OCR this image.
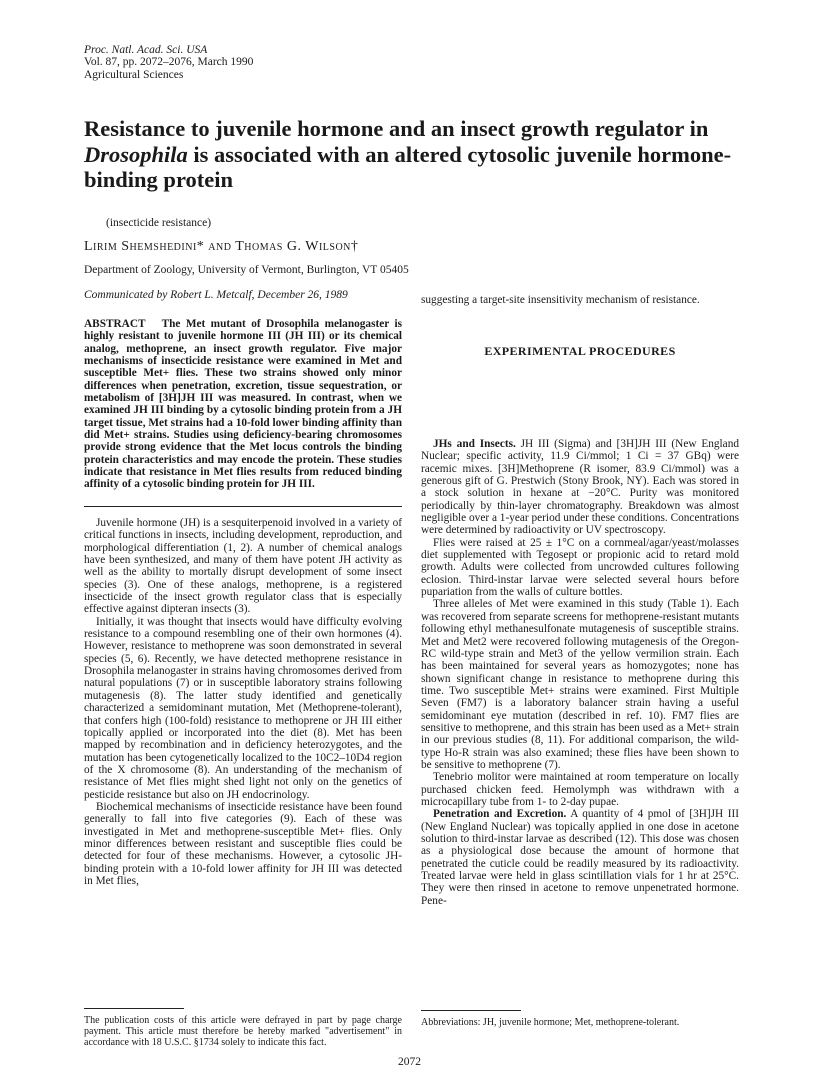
Proc. Natl. Acad. Sci. USA
Vol. 87, pp. 2072–2076, March 1990
Agricultural Sciences
Resistance to juvenile hormone and an insect growth regulator in Drosophila is associated with an altered cytosolic juvenile hormone-binding protein
(insecticide resistance)
Lirim Shemshedini* and Thomas G. Wilson†
Department of Zoology, University of Vermont, Burlington, VT 05405
Communicated by Robert L. Metcalf, December 26, 1989
ABSTRACT The Met mutant of Drosophila melanogaster is highly resistant to juvenile hormone III (JH III) or its chemical analog, methoprene, an insect growth regulator. Five major mechanisms of insecticide resistance were examined in Met and susceptible Met+ flies. These two strains showed only minor differences when penetration, excretion, tissue sequestration, or metabolism of [3H]JH III was measured. In contrast, when we examined JH III binding by a cytosolic binding protein from a JH target tissue, Met strains had a 10-fold lower binding affinity than did Met+ strains. Studies using deficiency-bearing chromosomes provide strong evidence that the Met locus controls the binding protein characteristics and may encode the protein. These studies indicate that resistance in Met flies results from reduced binding affinity of a cytosolic binding protein for JH III.

Juvenile hormone (JH) is a sesquiterpenoid involved in a variety of critical functions in insects, including development, reproduction, and morphological differentiation (1, 2). A number of chemical analogs have been synthesized, and many of them have potent JH activity as well as the ability to mortally disrupt development of some insect species (3). One of these analogs, methoprene, is a registered insecticide of the insect growth regulator class that is especially effective against dipteran insects (3).

Initially, it was thought that insects would have difficulty evolving resistance to a compound resembling one of their own hormones (4). However, resistance to methoprene was soon demonstrated in several species (5, 6). Recently, we have detected methoprene resistance in Drosophila melanogaster in strains having chromosomes derived from natural populations (7) or in susceptible laboratory strains following mutagenesis (8). The latter study identified and genetically characterized a semidominant mutation, Met (Methoprene-tolerant), that confers high (100-fold) resistance to methoprene or JH III either topically applied or incorporated into the diet (8). Met has been mapped by recombination and in deficiency heterozygotes, and the mutation has been cytogenetically localized to the 10C2–10D4 region of the X chromosome (8). An understanding of the mechanism of resistance of Met flies might shed light not only on the genetics of pesticide resistance but also on JH endocrinology.

Biochemical mechanisms of insecticide resistance have been found generally to fall into five categories (9). Each of these was investigated in Met and methoprene-susceptible Met+ flies. Only minor differences between resistant and susceptible flies could be detected for four of these mechanisms. However, a cytosolic JH-binding protein with a 10-fold lower affinity for JH III was detected in Met flies,

suggesting a target-site insensitivity mechanism of resistance.
EXPERIMENTAL PROCEDURES

JHs and Insects. JH III (Sigma) and [3H]JH III (New England Nuclear; specific activity, 11.9 Ci/mmol; 1 Ci = 37 GBq) were racemic mixes. [3H]Methoprene (R isomer, 83.9 Ci/mmol) was a generous gift of G. Prestwich (Stony Brook, NY). Each was stored in a stock solution in hexane at −20°C. Purity was monitored periodically by thin-layer chromatography. Breakdown was almost negligible over a 1-year period under these conditions. Concentrations were determined by radioactivity or UV spectroscopy.

Flies were raised at 25 ± 1°C on a cornmeal/agar/yeast/molasses diet supplemented with Tegosept or propionic acid to retard mold growth. Adults were collected from uncrowded cultures following eclosion. Third-instar larvae were selected several hours before pupariation from the walls of culture bottles.

Three alleles of Met were examined in this study (Table 1). Each was recovered from separate screens for methoprene-resistant mutants following ethyl methanesulfonate mutagenesis of susceptible strains. Met and Met2 were recovered following mutagenesis of the Oregon-RC wild-type strain and Met3 of the yellow vermilion strain. Each has been maintained for several years as homozygotes; none has shown significant change in resistance to methoprene during this time. Two susceptible Met+ strains were examined. First Multiple Seven (FM7) is a laboratory balancer strain having a useful semidominant eye mutation (described in ref. 10). FM7 flies are sensitive to methoprene, and this strain has been used as a Met+ strain in our previous studies (8, 11). For additional comparison, the wild-type Ho-R strain was also examined; these flies have been shown to be sensitive to methoprene (7).

Tenebrio molitor were maintained at room temperature on locally purchased chicken feed. Hemolymph was withdrawn with a microcapillary tube from 1- to 2-day pupae.

Penetration and Excretion. A quantity of 4 pmol of [3H]JH III (New England Nuclear) was topically applied in one dose in acetone solution to third-instar larvae as described (12). This dose was chosen as a physiological dose because the amount of hormone that penetrated the cuticle could be readily measured by its radioactivity. Treated larvae were held in glass scintillation vials for 1 hr at 25°C. They were then rinsed in acetone to remove unpenetrated hormone. Pene-

The publication costs of this article were defrayed in part by page charge payment. This article must therefore be hereby marked "advertisement" in accordance with 18 U.S.C. §1734 solely to indicate this fact.
Abbreviations: JH, juvenile hormone; Met, methoprene-tolerant.
2072
